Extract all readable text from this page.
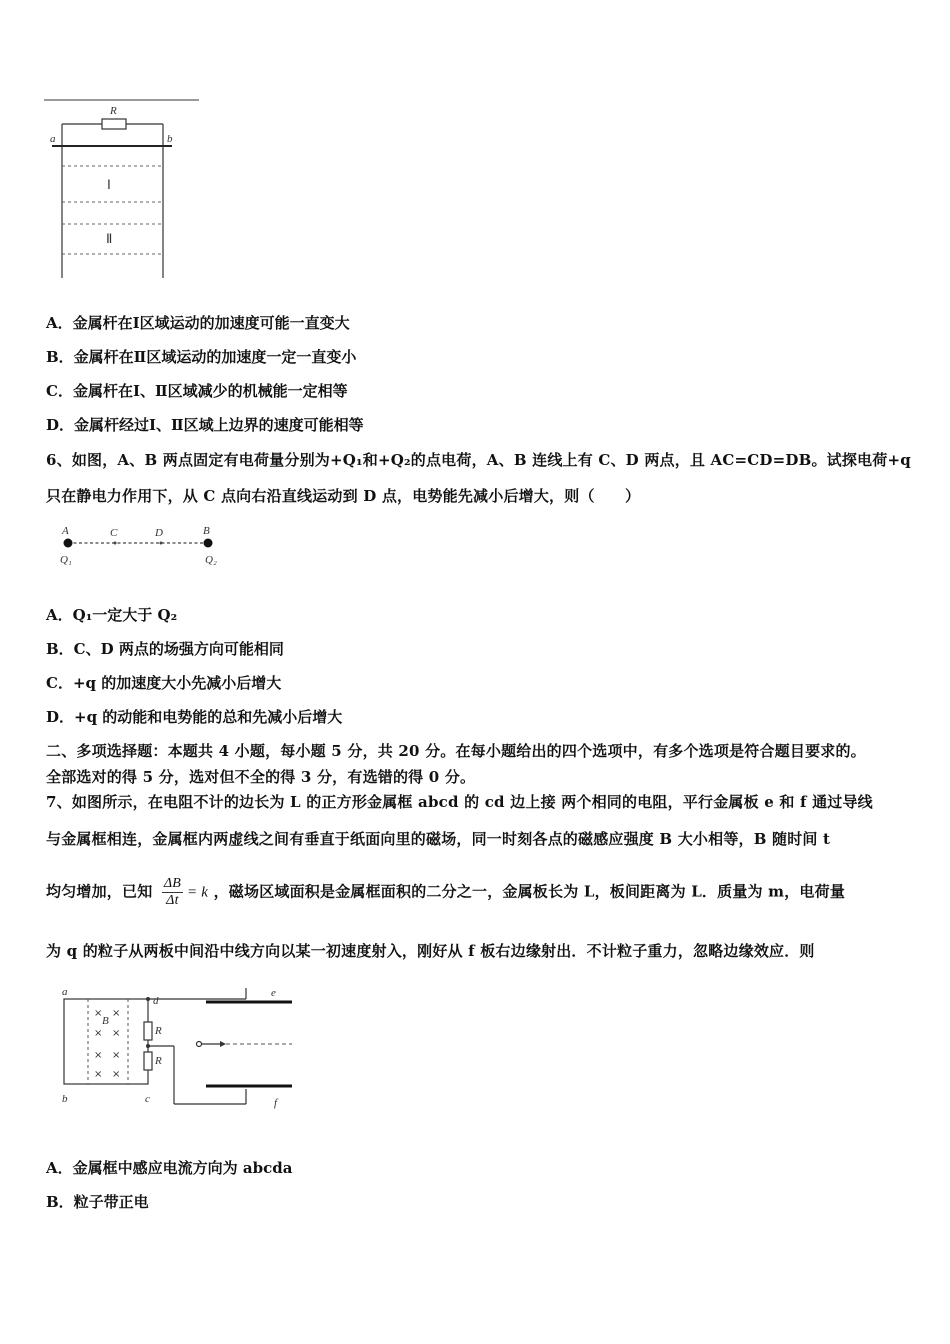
R
a	b
Ⅰ
Ⅱ
A．金属杆在Ⅰ区域运动的加速度可能一直变大
B．金属杆在Ⅱ区域运动的加速度一定一直变小
C．金属杆在Ⅰ、Ⅱ区域减少的机械能一定相等
D．金属杆经过Ⅰ、Ⅱ区域上边界的速度可能相等
6、如图，A、B 两点固定有电荷量分别为+Q₁和+Q₂的点电荷，A、B 连线上有 C、D 两点，且 AC=CD=DB。试探电荷+q
只在静电力作用下，从 C 点向右沿直线运动到 D 点，电势能先减小后增大，则（　　）
A	C	D	B
Q₁	Q₂
A．Q₁一定大于 Q₂
B．C、D 两点的场强方向可能相同
C．+q 的加速度大小先减小后增大
D．+q 的动能和电势能的总和先减小后增大
二、多项选择题：本题共 4 小题，每小题 5 分，共 20 分。在每小题给出的四个选项中，有多个选项是符合题目要求的。
全部选对的得 5 分，选对但不全的得 3 分，有选错的得 0 分。
7、如图所示，在电阻不计的边长为 L 的正方形金属框 abcd 的 cd 边上接 两个相同的电阻，平行金属板 e 和 f 通过导线
与金属框相连，金属框内两虚线之间有垂直于纸面向里的磁场，同一时刻各点的磁感应强度 B 大小相等，B 随时间 t
均匀增加，已知 $\frac{\Delta B}{\Delta t} = k$ ，磁场区域面积是金属框面积的二分之一，金属板长为 L，板间距离为 L．质量为 m，电荷量
为 q 的粒子从两板中间沿中线方向以某一初速度射入，刚好从 f 板右边缘射出．不计粒子重力，忽略边缘效应．则
a
b	c
d
B
× ×
× ×
× ×
× ×
R
R
e
f
A．金属框中感应电流方向为 abcda
B．粒子带正电
